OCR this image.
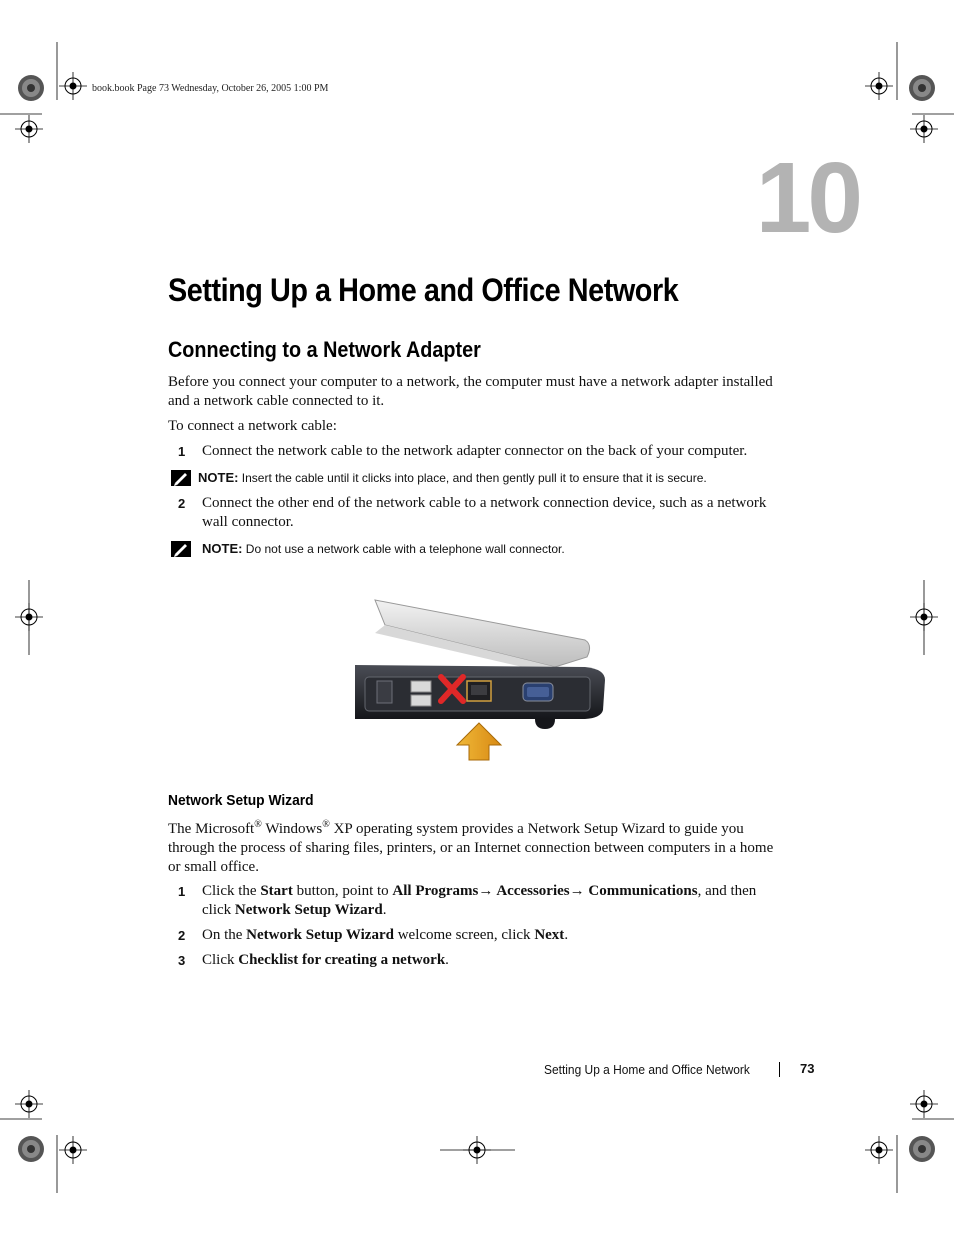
book.book Page 73 Wednesday, October 26, 2005 1:00 PM
10
Setting Up a Home and Office Network
Connecting to a Network Adapter
Before you connect your computer to a network, the computer must have a network adapter installed and a network cable connected to it.
To connect a network cable:
1 Connect the network cable to the network adapter connector on the back of your computer.
NOTE: Insert the cable until it clicks into place, and then gently pull it to ensure that it is secure.
2 Connect the other end of the network cable to a network connection device, such as a network wall connector.
NOTE: Do not use a network cable with a telephone wall connector.
Network Setup Wizard
The Microsoft® Windows® XP operating system provides a Network Setup Wizard to guide you through the process of sharing files, printers, or an Internet connection between computers in a home or small office.
1 Click the Start button, point to All Programs→ Accessories→ Communications, and then click Network Setup Wizard.
2 On the Network Setup Wizard welcome screen, click Next.
3 Click Checklist for creating a network.
Setting Up a Home and Office Network	73
